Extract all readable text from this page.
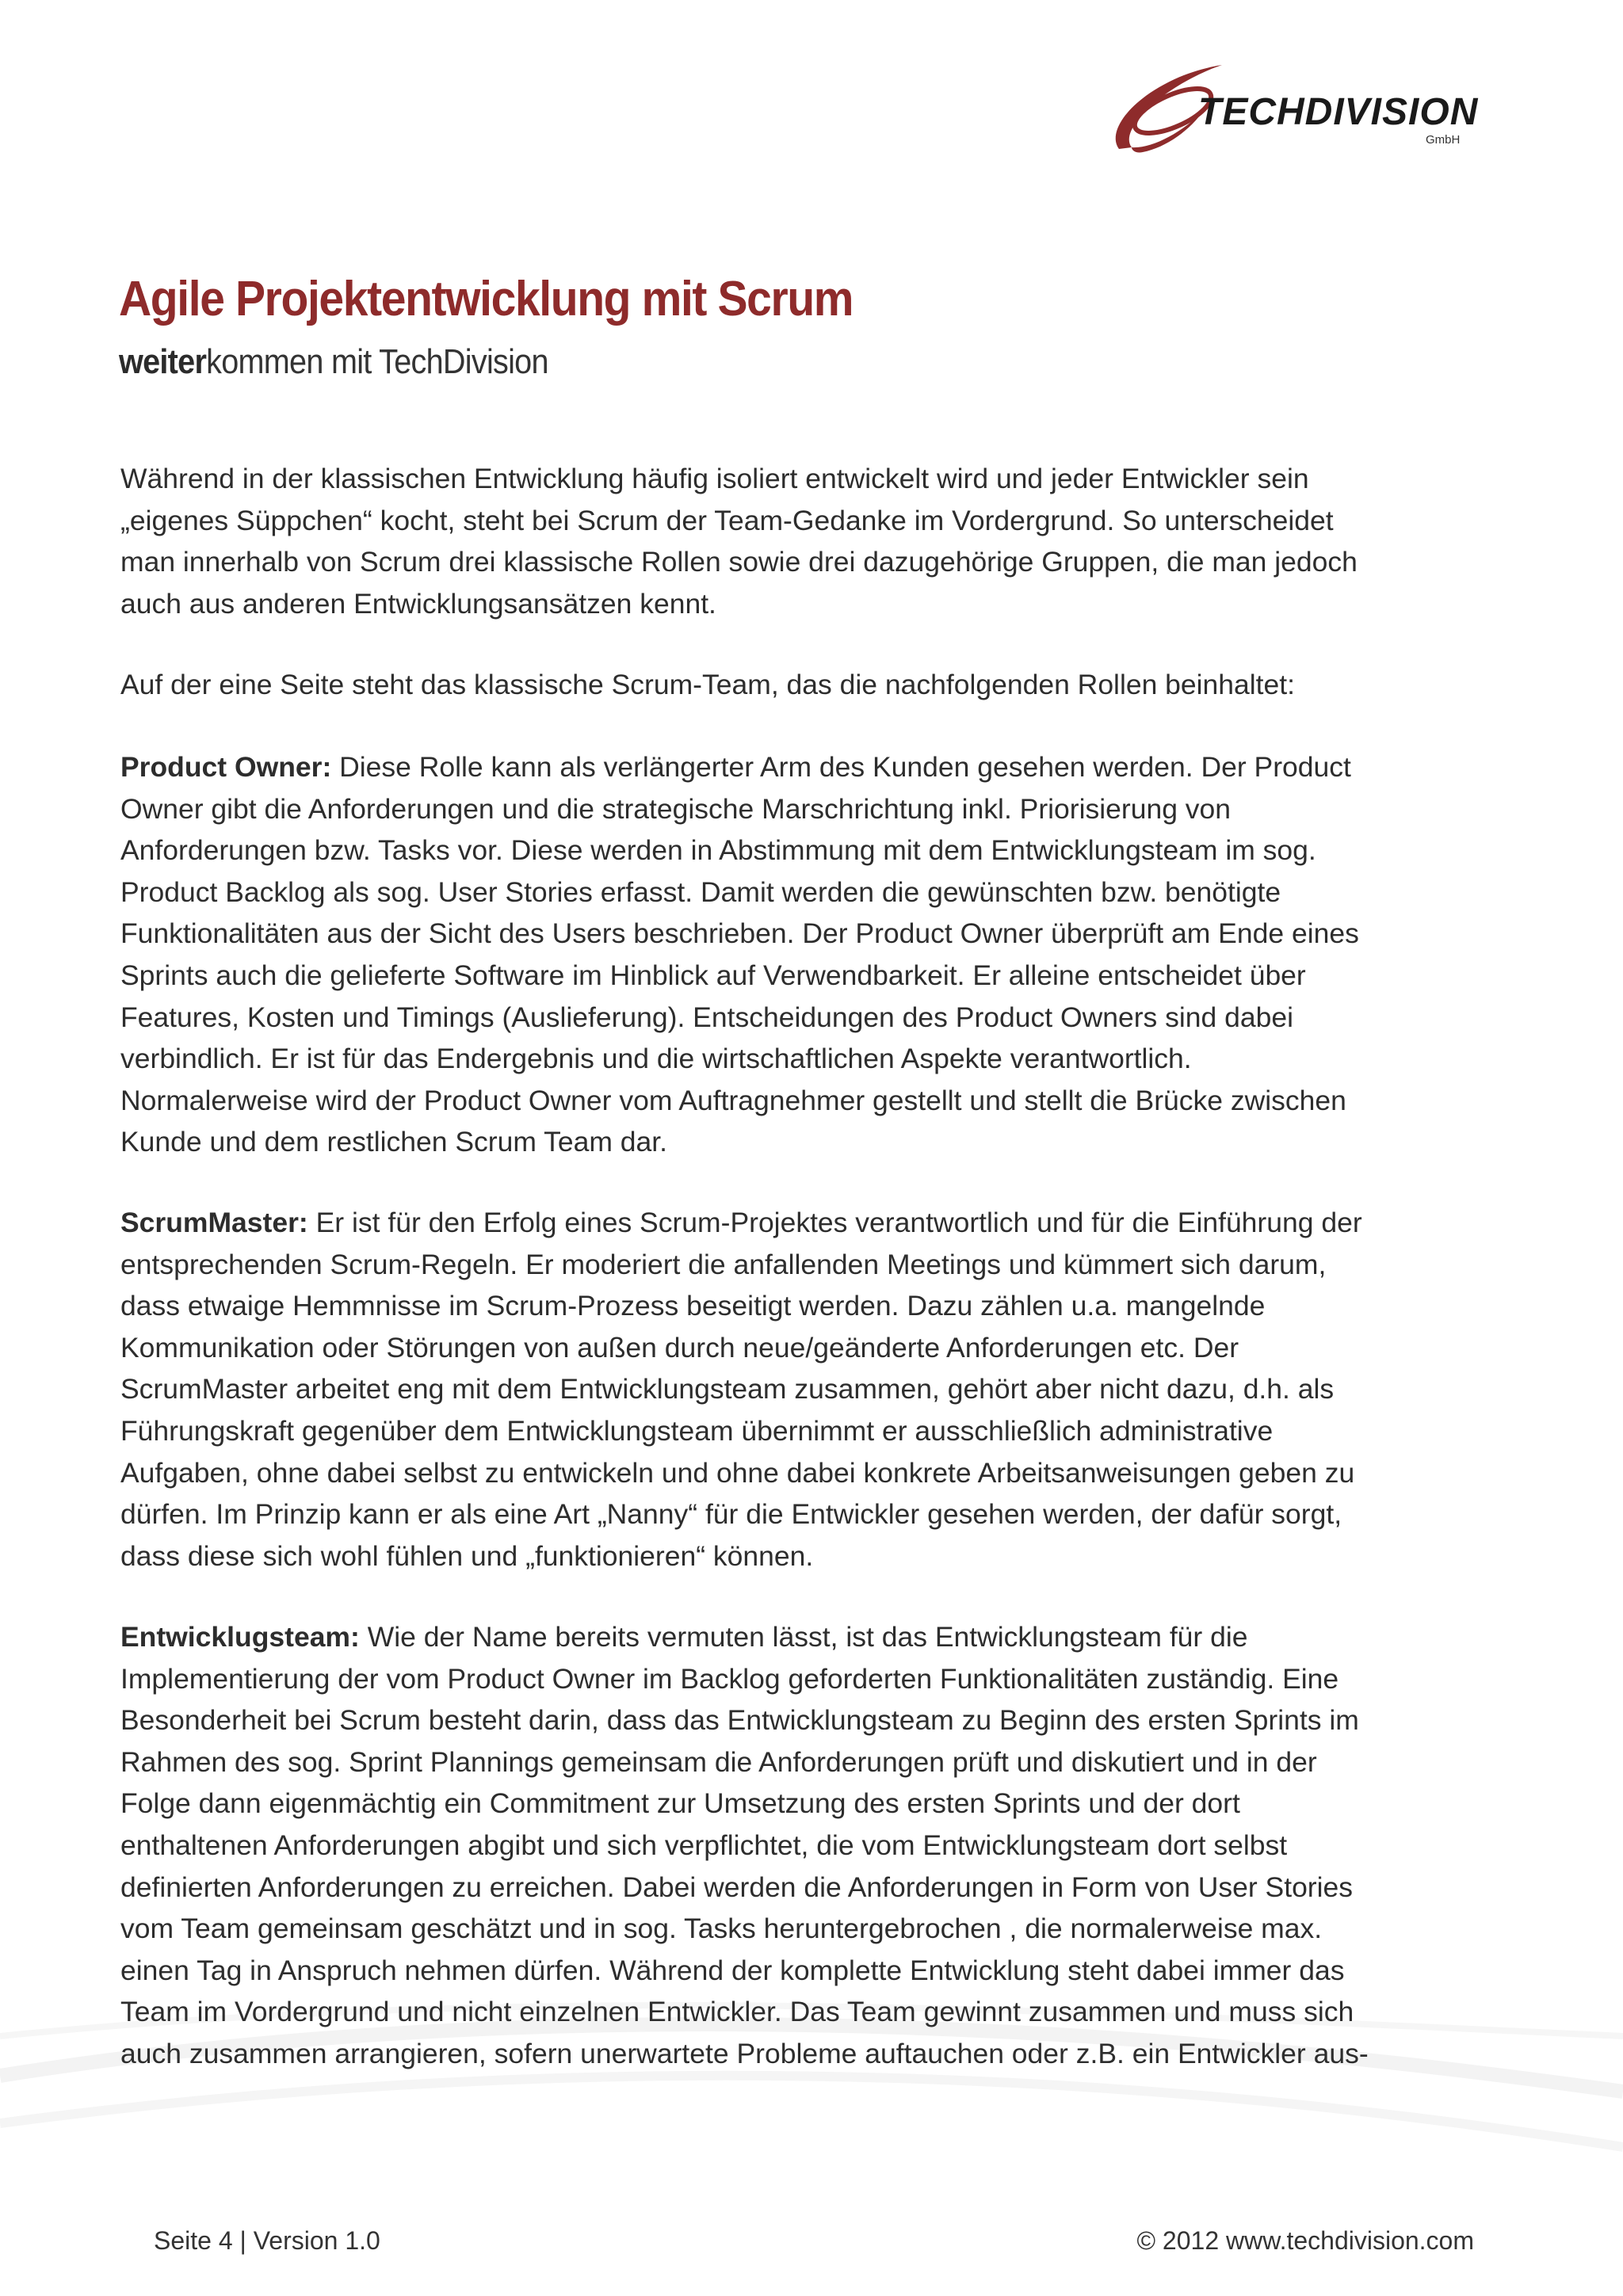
TECHDIVISION
GmbH
Agile Projektentwicklung mit Scrum
weiterkommen mit TechDivision
Während in der klassischen Entwicklung häufig isoliert entwickelt wird und jeder Entwickler sein
„eigenes Süppchen“ kocht, steht bei Scrum der Team-Gedanke im Vordergrund. So unterscheidet
man innerhalb von Scrum drei klassische Rollen sowie drei dazugehörige Gruppen, die man jedoch
auch aus anderen Entwicklungsansätzen kennt.
Auf der eine Seite steht das klassische Scrum-Team, das die nachfolgenden Rollen beinhaltet:
Product Owner: Diese Rolle kann als verlängerter Arm des Kunden gesehen werden. Der Product
Owner gibt die Anforderungen und die strategische Marschrichtung inkl. Priorisierung von
Anforderungen bzw. Tasks vor. Diese werden in Abstimmung mit dem Entwicklungsteam im sog.
Product Backlog als sog. User Stories erfasst. Damit werden die gewünschten bzw. benötigte
Funktionalitäten aus der Sicht des Users beschrieben. Der Product Owner überprüft am Ende eines
Sprints auch die gelieferte Software im Hinblick auf Verwendbarkeit. Er alleine entscheidet über
Features, Kosten und Timings (Auslieferung). Entscheidungen des Product Owners sind dabei
verbindlich. Er ist für das Endergebnis und die wirtschaftlichen Aspekte verantwortlich.
Normalerweise wird der Product Owner vom Auftragnehmer gestellt und stellt die Brücke zwischen
Kunde und dem restlichen Scrum Team dar.
ScrumMaster: Er ist für den Erfolg eines Scrum-Projektes verantwortlich und für die Einführung der
entsprechenden Scrum-Regeln. Er moderiert die anfallenden Meetings und kümmert sich darum,
dass etwaige Hemmnisse im Scrum-Prozess beseitigt werden. Dazu zählen u.a. mangelnde
Kommunikation oder Störungen von außen durch neue/geänderte Anforderungen etc. Der
ScrumMaster arbeitet eng mit dem Entwicklungsteam zusammen, gehört aber nicht dazu, d.h. als
Führungskraft gegenüber dem Entwicklungsteam übernimmt er ausschließlich administrative
Aufgaben, ohne dabei selbst zu entwickeln und ohne dabei konkrete Arbeitsanweisungen geben zu
dürfen. Im Prinzip kann er als eine Art „Nanny“ für die Entwickler gesehen werden, der dafür sorgt,
dass diese sich wohl fühlen und „funktionieren“ können.
Entwicklugsteam: Wie der Name bereits vermuten lässt, ist das Entwicklungsteam für die
Implementierung der vom Product Owner im Backlog geforderten Funktionalitäten zuständig. Eine
Besonderheit bei Scrum besteht darin, dass das Entwicklungsteam zu Beginn des ersten Sprints im
Rahmen des sog. Sprint Plannings gemeinsam die Anforderungen prüft und diskutiert und in der
Folge dann eigenmächtig ein Commitment zur Umsetzung des ersten Sprints und der dort
enthaltenen Anforderungen abgibt und sich verpflichtet, die vom Entwicklungsteam dort selbst
definierten Anforderungen zu erreichen. Dabei werden die Anforderungen in Form von User Stories
vom Team gemeinsam geschätzt und in sog. Tasks heruntergebrochen , die normalerweise max.
einen Tag in Anspruch nehmen dürfen. Während der komplette Entwicklung steht dabei immer das
Team im Vordergrund und nicht einzelnen Entwickler. Das Team gewinnt zusammen und muss sich
auch zusammen arrangieren, sofern unerwartete Probleme auftauchen oder z.B. ein Entwickler aus-
Seite 4 | Version 1.0	© 2012 www.techdivision.com
